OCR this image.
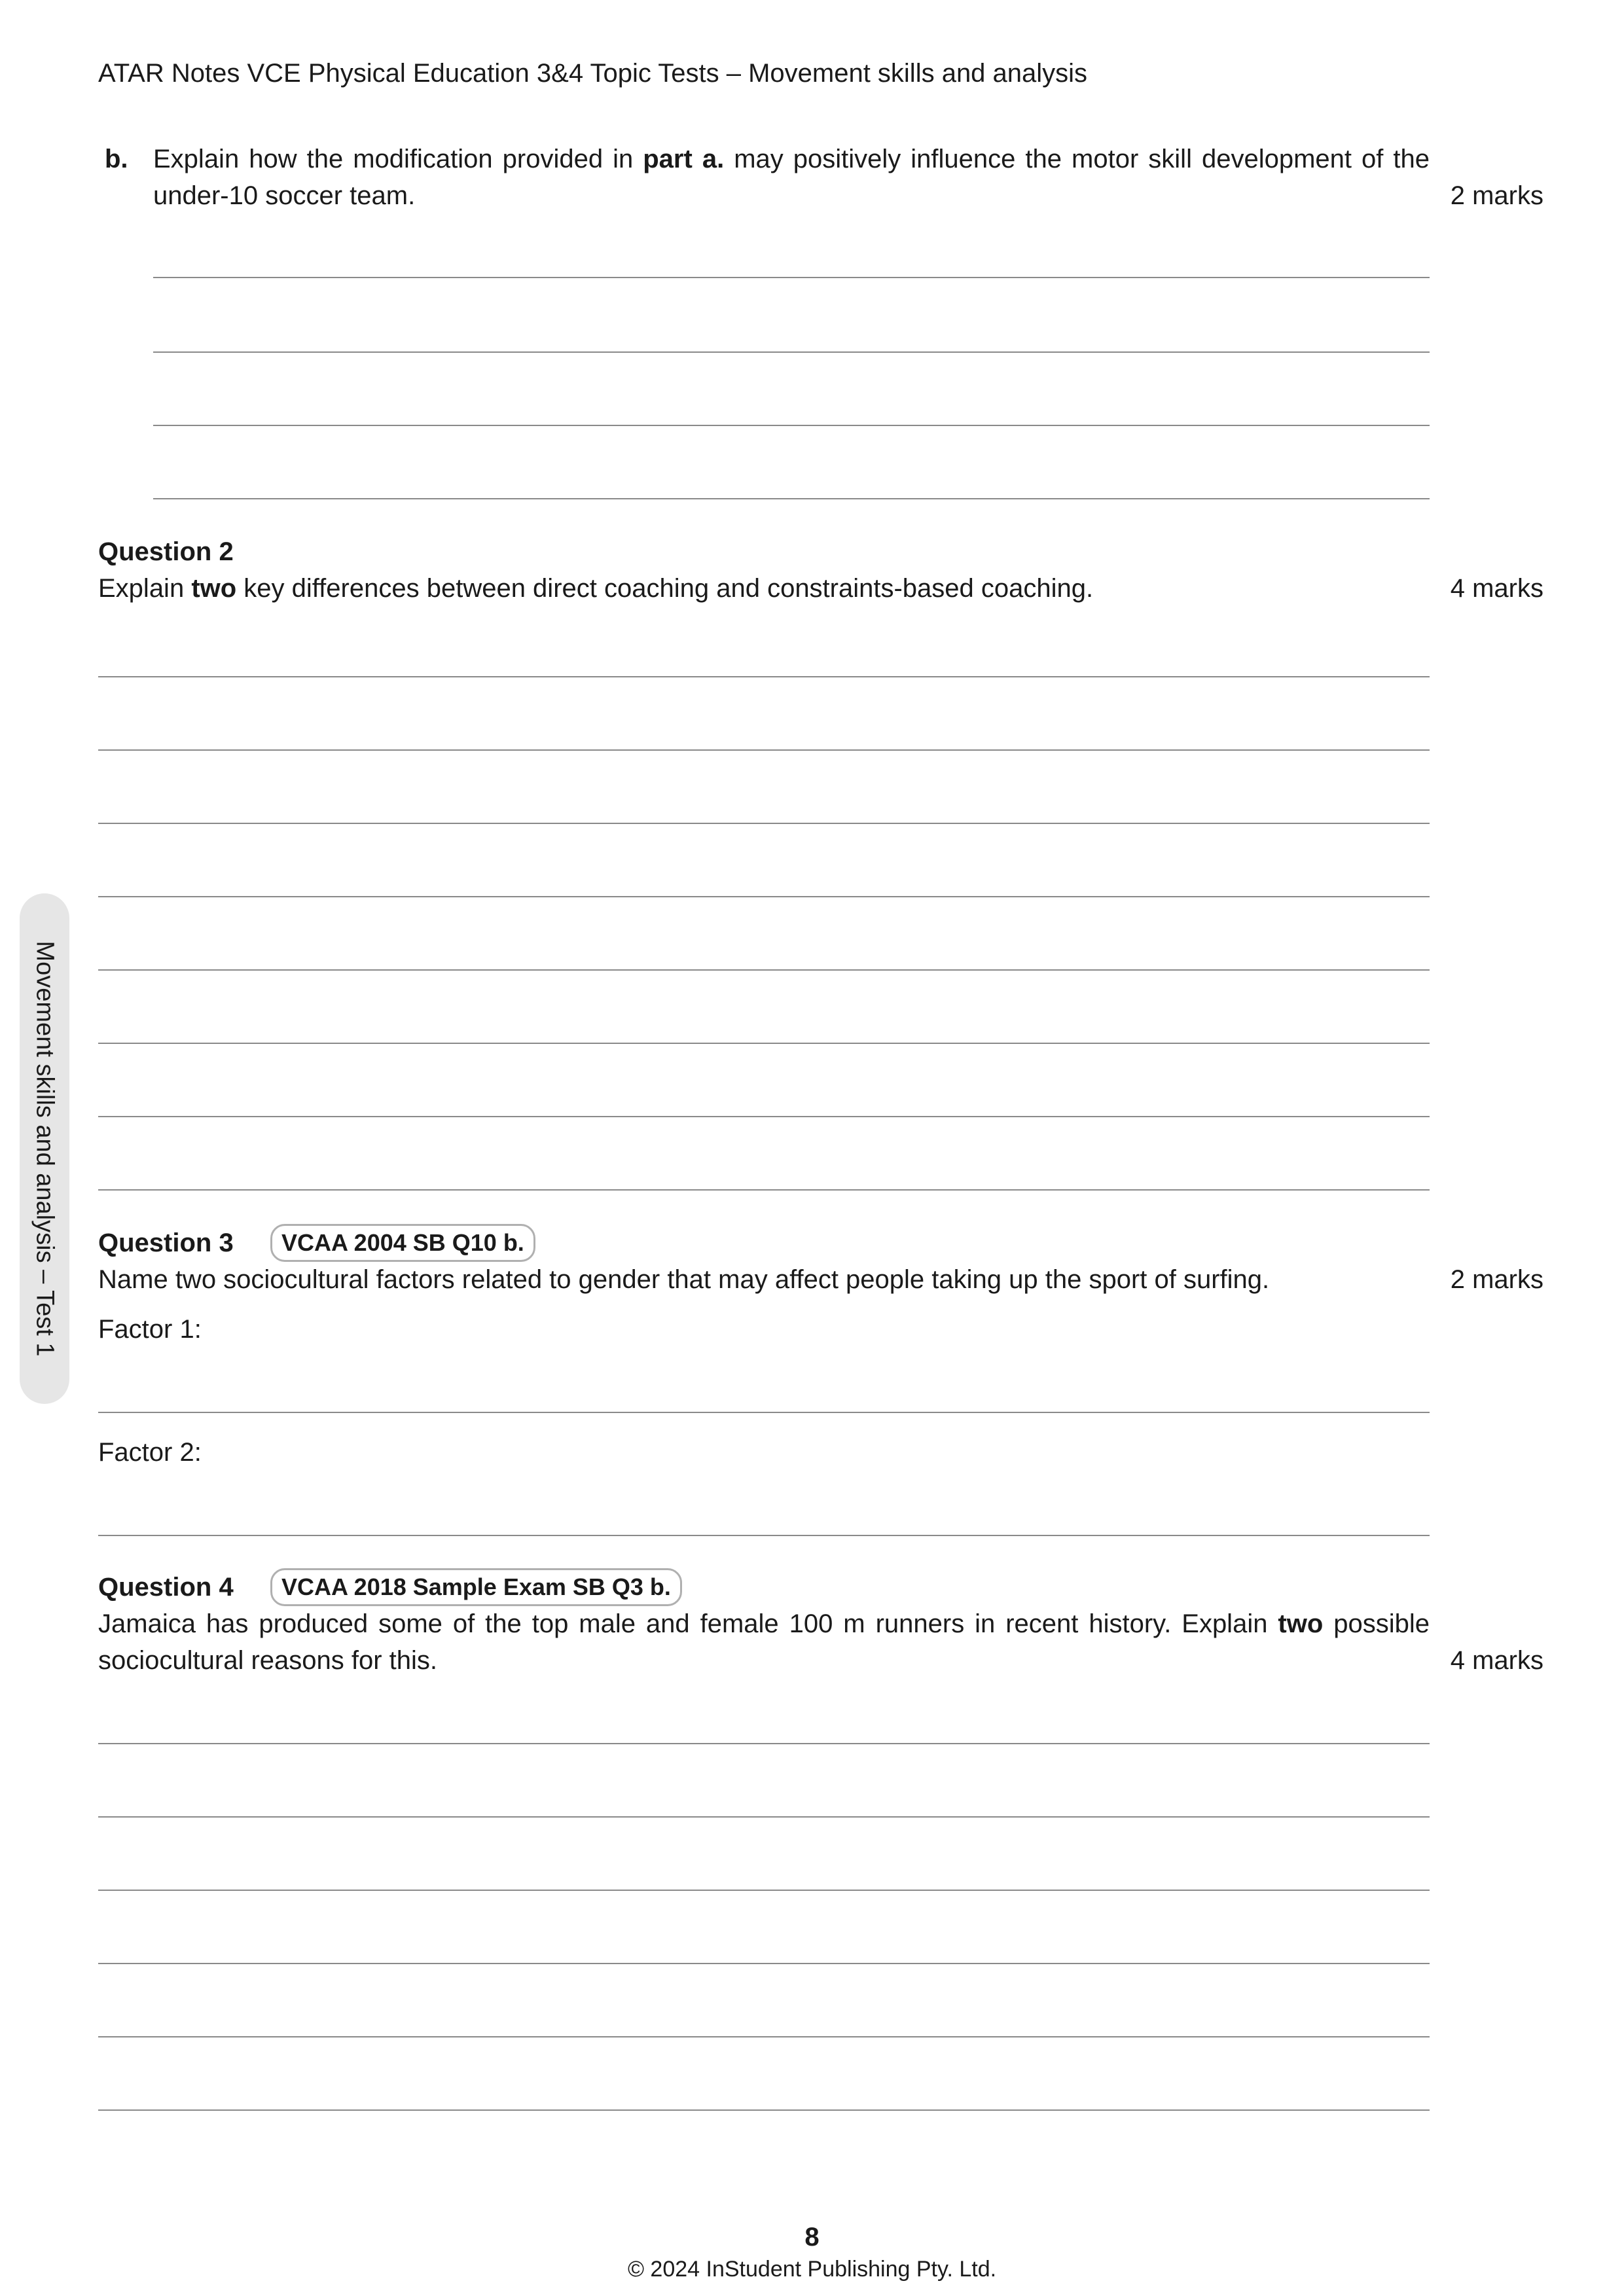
ATAR Notes VCE Physical Education 3&4 Topic Tests – Movement skills and analysis
Movement skills and analysis – Test 1
b. Explain how the modification provided in part a. may positively influence the motor skill development of the under-10 soccer team.	2 marks
Question 2
Explain two key differences between direct coaching and constraints-based coaching.	4 marks
Question 3	VCAA 2004 SB Q10 b.
Name two sociocultural factors related to gender that may affect people taking up the sport of surfing.	2 marks
Factor 1:
Factor 2:
Question 4	VCAA 2018 Sample Exam SB Q3 b.
Jamaica has produced some of the top male and female 100 m runners in recent history. Explain two possible sociocultural reasons for this.	4 marks
8
© 2024 InStudent Publishing Pty. Ltd.
